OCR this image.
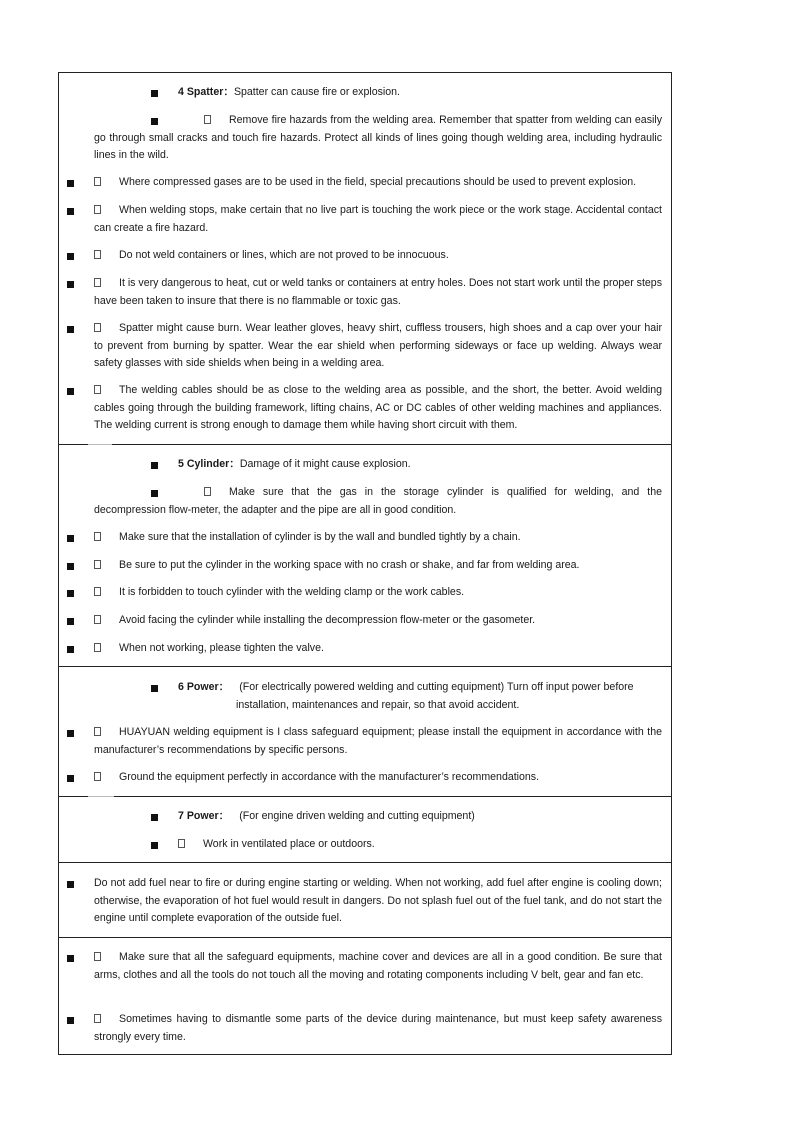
4 Spatter：Spatter can cause fire or explosion.
Remove fire hazards from the welding area. Remember that spatter from welding can easily go through small cracks and touch fire hazards. Protect all kinds of lines going though welding area, including hydraulic lines in the wild.
Where compressed gases are to be used in the field, special precautions should be used to prevent explosion.
When welding stops, make certain that no live part is touching the work piece or the work stage. Accidental contact can create a fire hazard.
Do not weld containers or lines, which are not proved to be innocuous.
It is very dangerous to heat, cut or weld tanks or containers at entry holes. Does not start work until the proper steps have been taken to insure that there is no flammable or toxic gas.
Spatter might cause burn. Wear leather gloves, heavy shirt, cuffless trousers, high shoes and a cap over your hair to prevent from burning by spatter. Wear the ear shield when performing sideways or face up welding. Always wear safety glasses with side shields when being in a welding area.
The welding cables should be as close to the welding area as possible, and the short, the better. Avoid welding cables going through the building framework, lifting chains, AC or DC cables of other welding machines and appliances. The welding current is strong enough to damage them while having short circuit with them.
5 Cylinder：Damage of it might cause explosion.
Make sure that the gas in the storage cylinder is qualified for welding, and the decompression flow-meter, the adapter and the pipe are all in good condition.
Make sure that the installation of cylinder is by the wall and bundled tightly by a chain.
Be sure to put the cylinder in the working space with no crash or shake, and far from welding area.
It is forbidden to touch cylinder with the welding clamp or the work cables.
Avoid facing the cylinder while installing the decompression flow-meter or the gasometer.
When not working, please tighten the valve.
6 Power： (For electrically powered welding and cutting equipment) Turn off input power before installation, maintenances and repair, so that avoid accident.
HUAYUAN welding equipment is I class safeguard equipment; please install the equipment in accordance with the manufacturer’s recommendations by specific persons.
Ground the equipment perfectly in accordance with the manufacturer’s recommendations.
7 Power： (For engine driven welding and cutting equipment)
Work in ventilated place or outdoors.
Do not add fuel near to fire or during engine starting or welding. When not working, add fuel after engine is cooling down; otherwise, the evaporation of hot fuel would result in dangers. Do not splash fuel out of the fuel tank, and do not start the engine until complete evaporation of the outside fuel.
Make sure that all the safeguard equipments, machine cover and devices are all in a good condition. Be sure that arms, clothes and all the tools do not touch all the moving and rotating components including V belt, gear and fan etc.
Sometimes having to dismantle some parts of the device during maintenance, but must keep safety awareness strongly every time.
